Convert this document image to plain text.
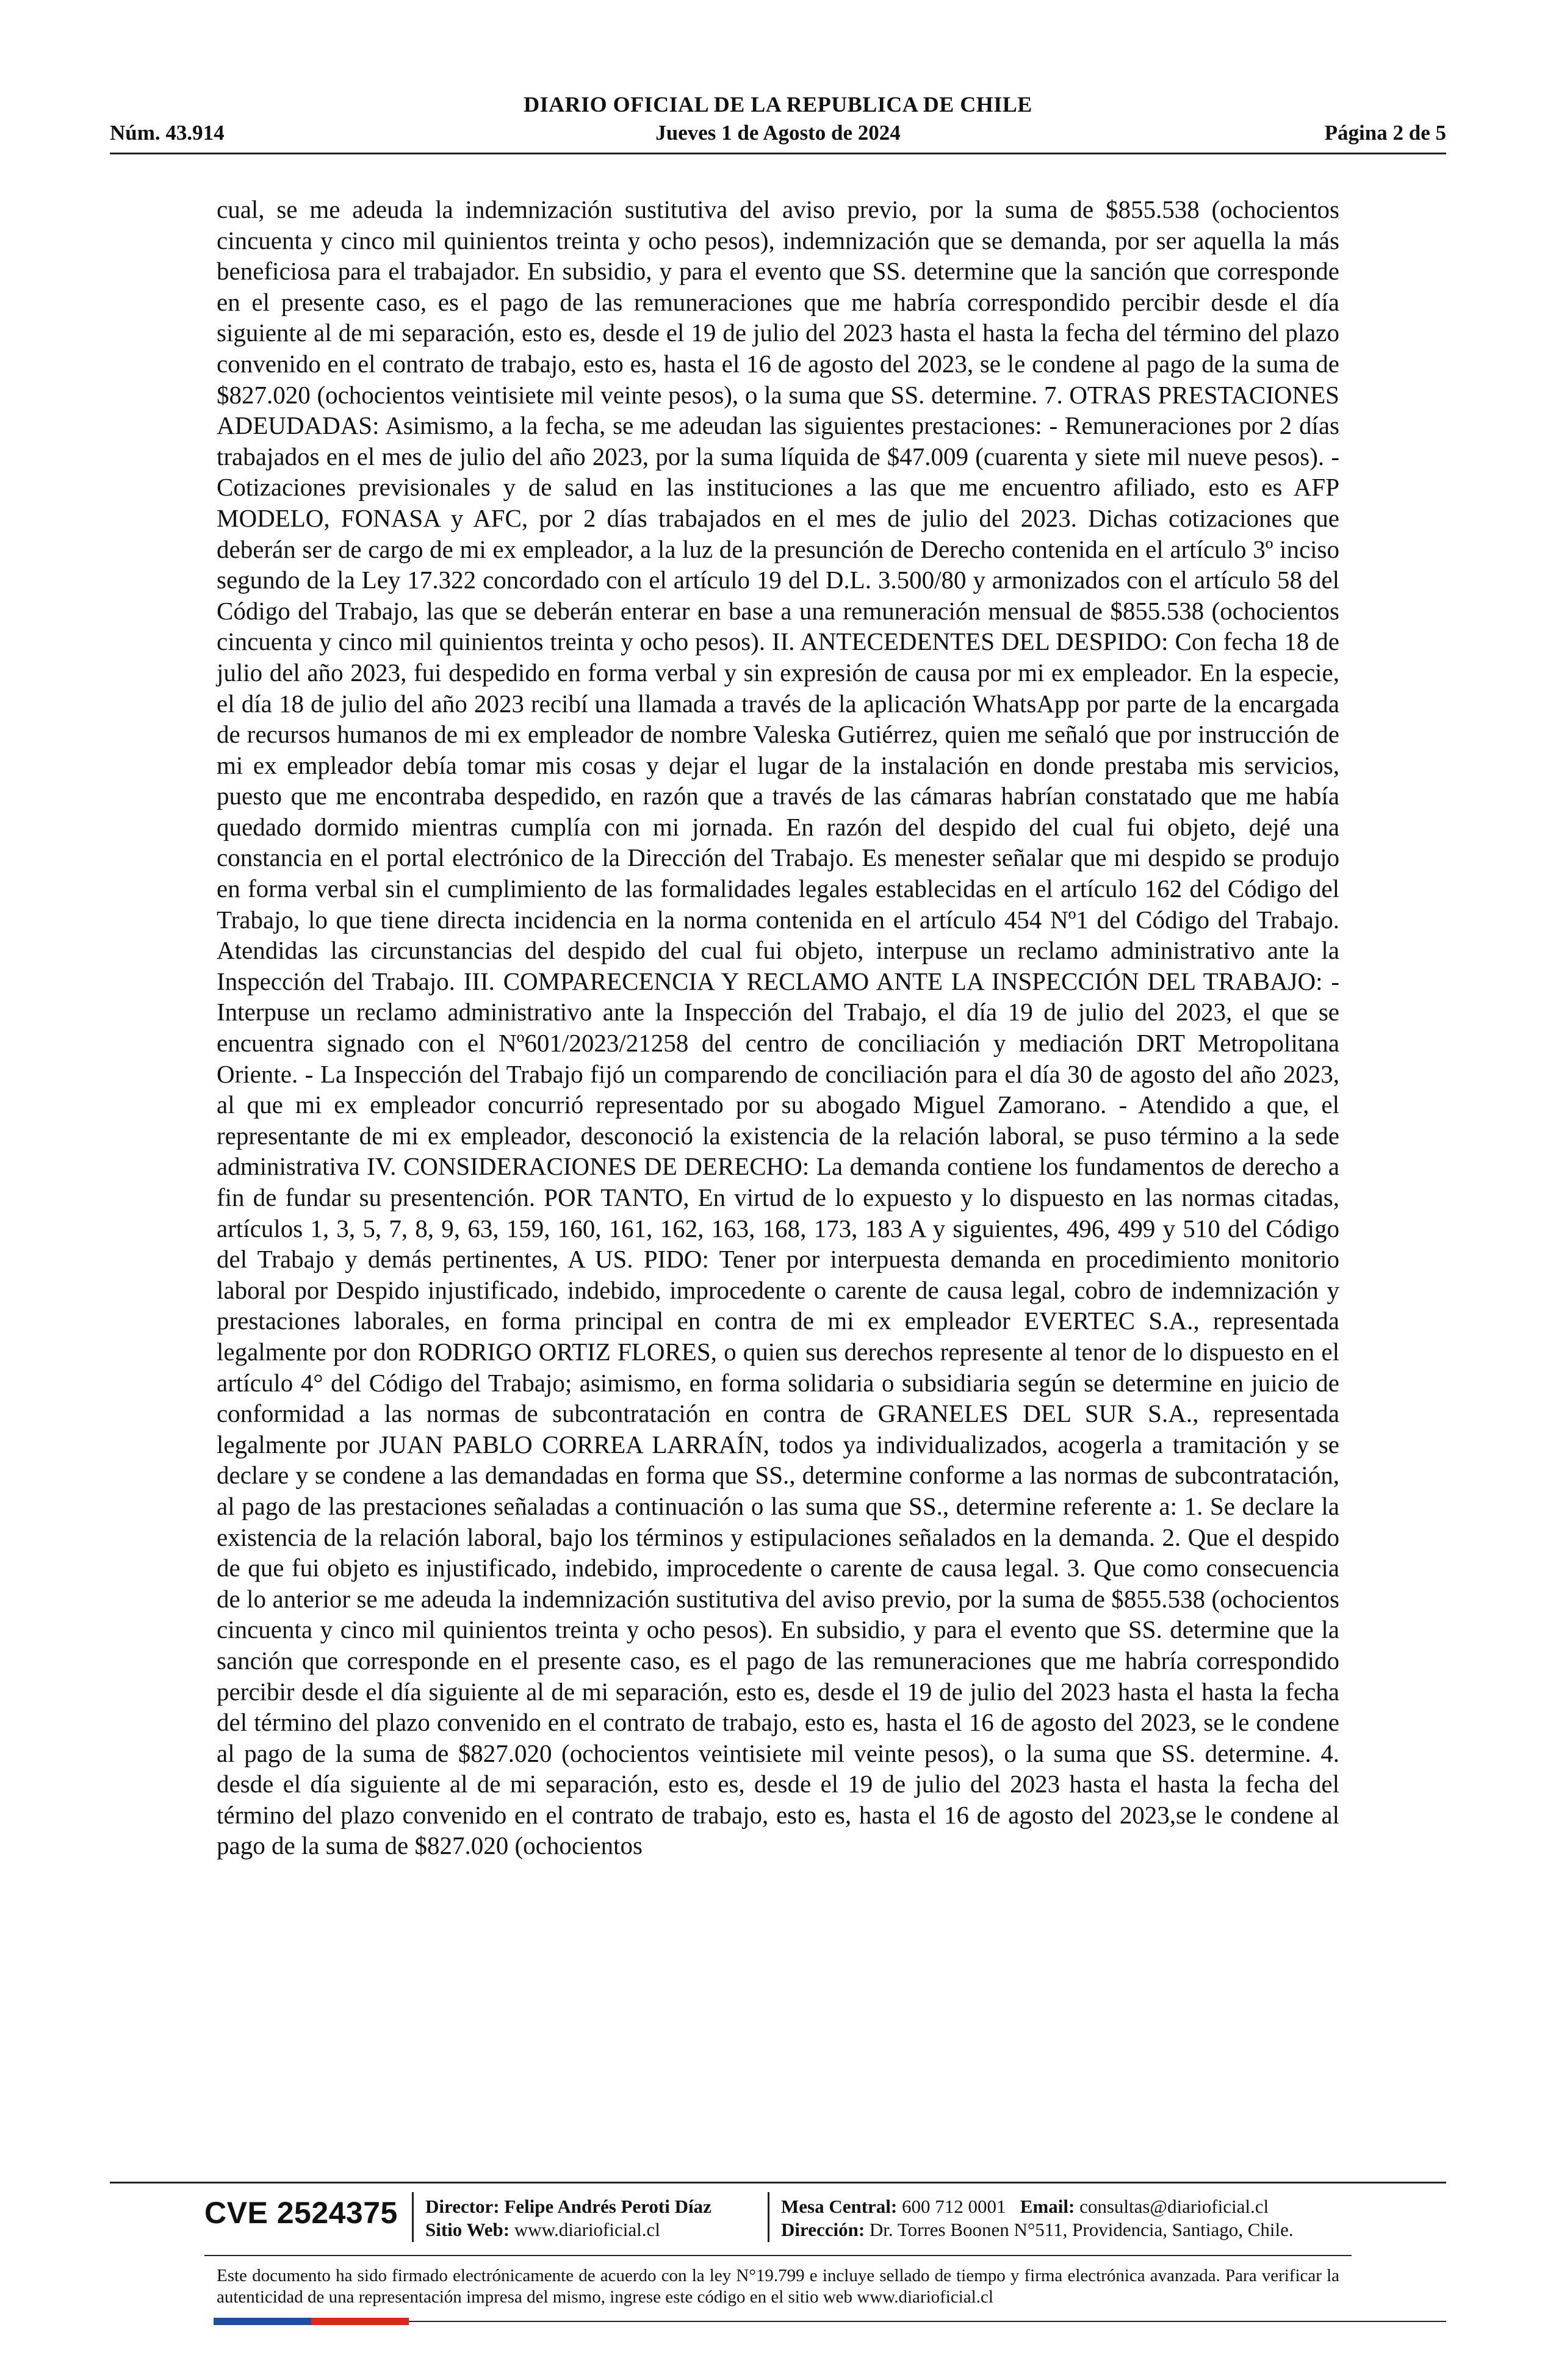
DIARIO OFICIAL DE LA REPUBLICA DE CHILE
Núm. 43.914	Jueves 1 de Agosto de 2024	Página 2 de 5
cual, se me adeuda la indemnización sustitutiva del aviso previo, por la suma de $855.538 (ochocientos cincuenta y cinco mil quinientos treinta y ocho pesos), indemnización que se demanda, por ser aquella la más beneficiosa para el trabajador. En subsidio, y para el evento que SS. determine que la sanción que corresponde en el presente caso, es el pago de las remuneraciones que me habría correspondido percibir desde el día siguiente al de mi separación, esto es, desde el 19 de julio del 2023 hasta el hasta la fecha del término del plazo convenido en el contrato de trabajo, esto es, hasta el 16 de agosto del 2023, se le condene al pago de la suma de $827.020 (ochocientos veintisiete mil veinte pesos), o la suma que SS. determine. 7. OTRAS PRESTACIONES ADEUDADAS: Asimismo, a la fecha, se me adeudan las siguientes prestaciones: - Remuneraciones por 2 días trabajados en el mes de julio del año 2023, por la suma líquida de $47.009 (cuarenta y siete mil nueve pesos). - Cotizaciones previsionales y de salud en las instituciones a las que me encuentro afiliado, esto es AFP MODELO, FONASA y AFC, por 2 días trabajados en el mes de julio del 2023. Dichas cotizaciones que deberán ser de cargo de mi ex empleador, a la luz de la presunción de Derecho contenida en el artículo 3º inciso segundo de la Ley 17.322 concordado con el artículo 19 del D.L. 3.500/80 y armonizados con el artículo 58 del Código del Trabajo, las que se deberán enterar en base a una remuneración mensual de $855.538 (ochocientos cincuenta y cinco mil quinientos treinta y ocho pesos). II. ANTECEDENTES DEL DESPIDO: Con fecha 18 de julio del año 2023, fui despedido en forma verbal y sin expresión de causa por mi ex empleador. En la especie, el día 18 de julio del año 2023 recibí una llamada a través de la aplicación WhatsApp por parte de la encargada de recursos humanos de mi ex empleador de nombre Valeska Gutiérrez, quien me señaló que por instrucción de mi ex empleador debía tomar mis cosas y dejar el lugar de la instalación en donde prestaba mis servicios, puesto que me encontraba despedido, en razón que a través de las cámaras habrían constatado que me había quedado dormido mientras cumplía con mi jornada. En razón del despido del cual fui objeto, dejé una constancia en el portal electrónico de la Dirección del Trabajo. Es menester señalar que mi despido se produjo en forma verbal sin el cumplimiento de las formalidades legales establecidas en el artículo 162 del Código del Trabajo, lo que tiene directa incidencia en la norma contenida en el artículo 454 Nº1 del Código del Trabajo. Atendidas las circunstancias del despido del cual fui objeto, interpuse un reclamo administrativo ante la Inspección del Trabajo. III. COMPARECENCIA Y RECLAMO ANTE LA INSPECCIÓN DEL TRABAJO: - Interpuse un reclamo administrativo ante la Inspección del Trabajo, el día 19 de julio del 2023, el que se encuentra signado con el Nº601/2023/21258 del centro de conciliación y mediación DRT Metropolitana Oriente. - La Inspección del Trabajo fijó un comparendo de conciliación para el día 30 de agosto del año 2023, al que mi ex empleador concurrió representado por su abogado Miguel Zamorano. - Atendido a que, el representante de mi ex empleador, desconoció la existencia de la relación laboral, se puso término a la sede administrativa IV. CONSIDERACIONES DE DERECHO: La demanda contiene los fundamentos de derecho a fin de fundar su presentención. POR TANTO, En virtud de lo expuesto y lo dispuesto en las normas citadas, artículos 1, 3, 5, 7, 8, 9, 63, 159, 160, 161, 162, 163, 168, 173, 183 A y siguientes, 496, 499 y 510 del Código del Trabajo y demás pertinentes, A US. PIDO: Tener por interpuesta demanda en procedimiento monitorio laboral por Despido injustificado, indebido, improcedente o carente de causa legal, cobro de indemnización y prestaciones laborales, en forma principal en contra de mi ex empleador EVERTEC S.A., representada legalmente por don RODRIGO ORTIZ FLORES, o quien sus derechos represente al tenor de lo dispuesto en el artículo 4° del Código del Trabajo; asimismo, en forma solidaria o subsidiaria según se determine en juicio de conformidad a las normas de subcontratación en contra de GRANELES DEL SUR S.A., representada legalmente por JUAN PABLO CORREA LARRAÍN, todos ya individualizados, acogerla a tramitación y se declare y se condene a las demandadas en forma que SS., determine conforme a las normas de subcontratación, al pago de las prestaciones señaladas a continuación o las suma que SS., determine referente a: 1. Se declare la existencia de la relación laboral, bajo los términos y estipulaciones señalados en la demanda. 2. Que el despido de que fui objeto es injustificado, indebido, improcedente o carente de causa legal. 3. Que como consecuencia de lo anterior se me adeuda la indemnización sustitutiva del aviso previo, por la suma de $855.538 (ochocientos cincuenta y cinco mil quinientos treinta y ocho pesos). En subsidio, y para el evento que SS. determine que la sanción que corresponde en el presente caso, es el pago de las remuneraciones que me habría correspondido percibir desde el día siguiente al de mi separación, esto es, desde el 19 de julio del 2023 hasta el hasta la fecha del término del plazo convenido en el contrato de trabajo, esto es, hasta el 16 de agosto del 2023, se le condene al pago de la suma de $827.020 (ochocientos veintisiete mil veinte pesos), o la suma que SS. determine. 4. desde el día siguiente al de mi separación, esto es, desde el 19 de julio del 2023 hasta el hasta la fecha del término del plazo convenido en el contrato de trabajo, esto es, hasta el 16 de agosto del 2023,se le condene al pago de la suma de $827.020 (ochocientos
CVE 2524375 Director: Felipe Andrés Peroti Díaz
Sitio Web: www.diarioficial.cl
Mesa Central: 600 712 0001 Email: consultas@diarioficial.cl
Dirección: Dr. Torres Boonen N°511, Providencia, Santiago, Chile.
Este documento ha sido firmado electrónicamente de acuerdo con la ley N°19.799 e incluye sellado de tiempo y firma electrónica avanzada. Para verificar la autenticidad de una representación impresa del mismo, ingrese este código en el sitio web www.diarioficial.cl
